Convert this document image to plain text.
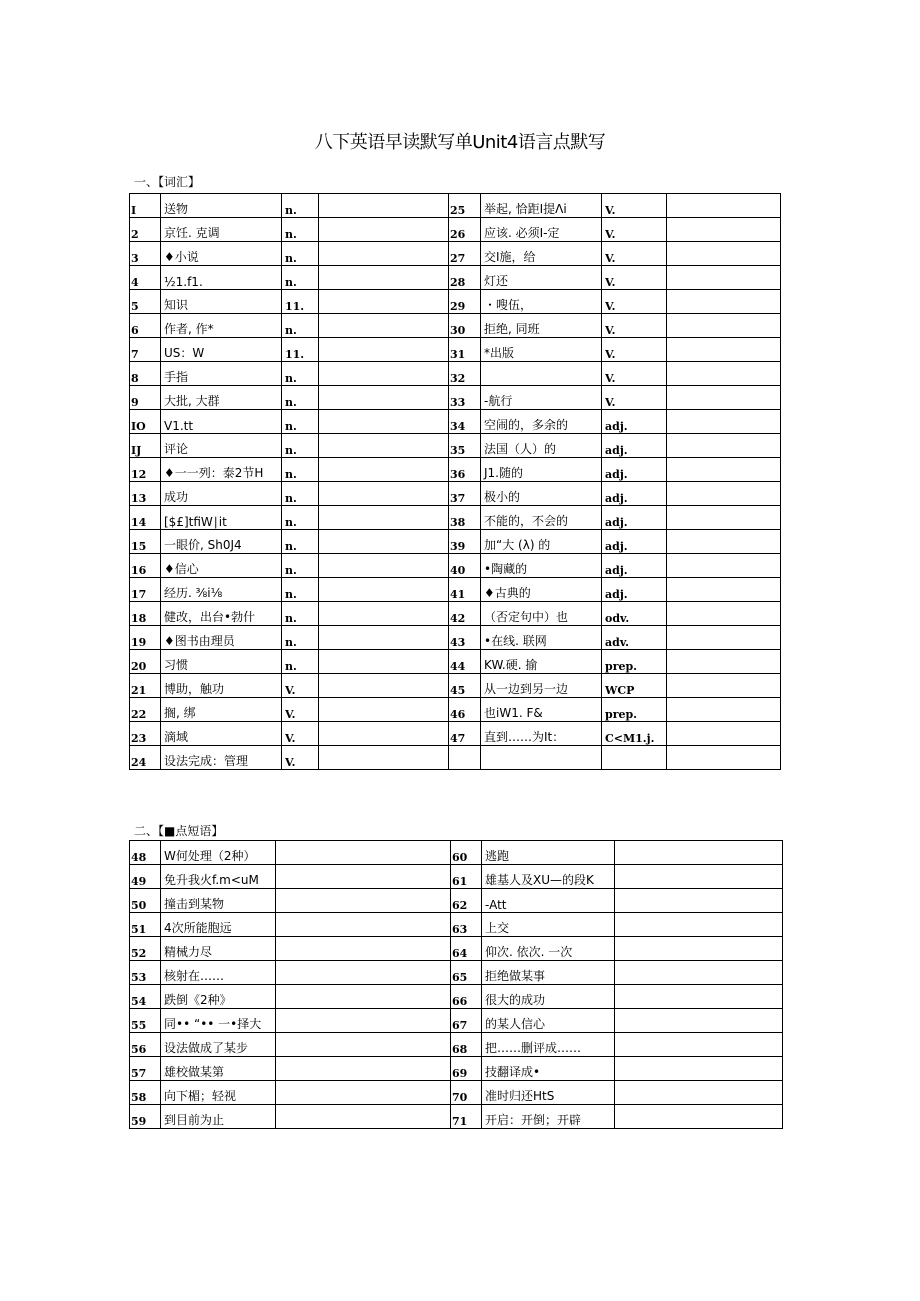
八下英语早读默写单Unit4语言点默写
一、【词汇】
二、【■点短语】
I	送物	n.		25	举起, 恰距I提Λi	V.	
2	京饪. 克调	n.		26	应该. 必须I-定	V.	
3	♦小说	n.		27	交I施，给	V.	
4	½1.f1.	n.		28	灯还	V.	
5	知识	11.		29	・嗖伍，	V.	
6	作者, 作*	n.		30	拒绝, 同班	V.	
7	US：W	11.		31	*出版	V.	
8	手指	n.		32		V.	
9	大批, 大群	n.		33	-航行	V.	
IO	V1.tt	n.		34	空闹的，多余的	adj.	
IJ	评论	n.		35	法国（人）的	adj.	
12	♦一一列：泰2节H	n.		36	J1.随的	adj.	
13	成功	n.		37	极小的	adj.	
14	[$£]tfiW∣it	n.		38	不能的，不会的	adj.	
15	一眼价, Sh0J4	n.		39	加“大 (λ) 的	adj.	
16	♦信心	n.		40	•陶藏的	adj.	
17	经历. ⅜i⅛	n.		41	♦古典的	adj.	
18	健改，出台•勃什	n.		42	（否定句中）也	odv.	
19	♦图书由理员	n.		43	•在线. 联网	adv.	
20	习惯	n.		44	KW.硬. 揄	prep.	
21	博助，触功	V.		45	从一边到另一边	WCP	
22	搁, 绑	V.		46	也iW1. F&	prep.	
23	滴域	V.		47	直到……为It：	C<M1.j.	
24	设法完成：管理	V.					
48	W何处理（2种）		60	逃跑	
49	免升我火f.m<uM		61	雄基人及XU—的段K	
50	撞击到某物		62	-Att	
51	4次所能胞远		63	上交	
52	精械力尽		64	仰次. 依次. 一次	
53	核射在……		65	拒绝做某事	
54	跌倒《2种》		66	很大的成功	
55	同•• “•• 一•择大		67	的某人信心	
56	设法做成了某步		68	把……删评成……	
57	雄校做某第		69	技翻译成•	
58	向下楣；轻视		70	准时归还HtS	
59	到目前为止		71	开启：开倒；开辟	
